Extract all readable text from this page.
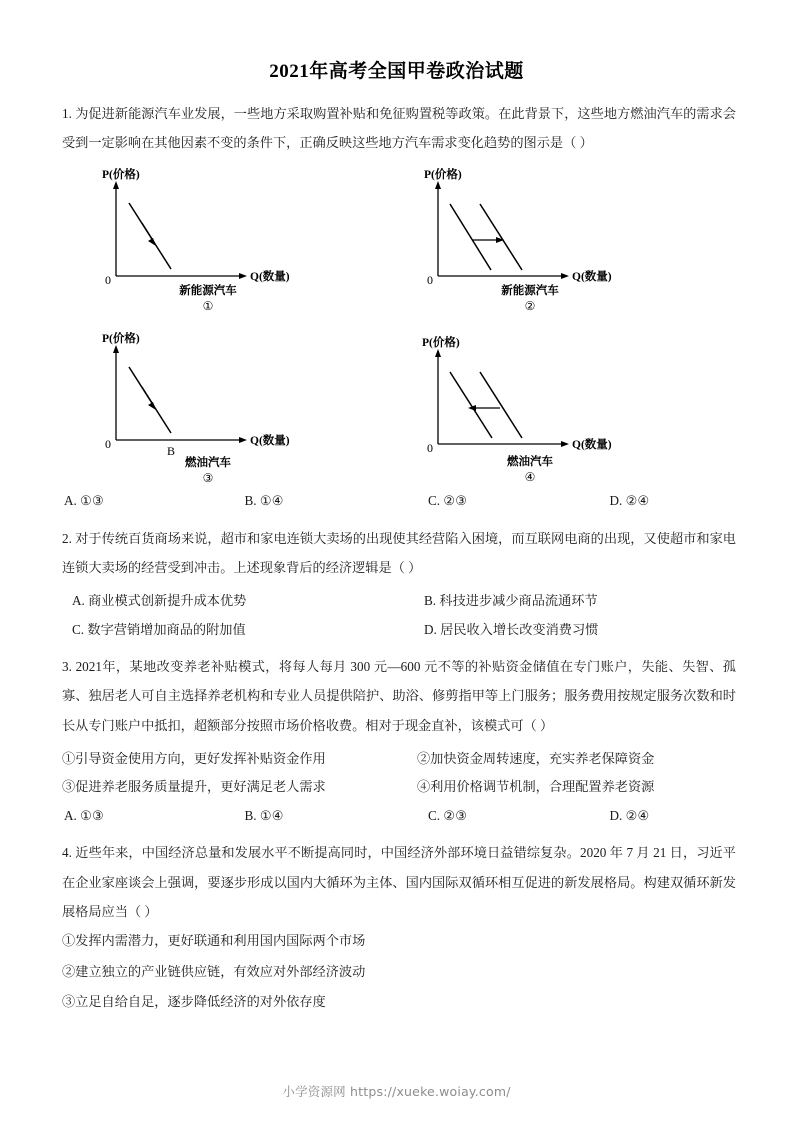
2021年高考全国甲卷政治试题

1. 为促进新能源汽车业发展，一些地方采取购置补贴和免征购置税等政策。在此背景下，这些地方燃油汽车的需求会受到一定影响在其他因素不变的条件下，正确反映这些地方汽车需求变化趋势的图示是（ ）

P(价格)
Q(数量)
0
新能源汽车
①
P(价格)
Q(数量)
0
新能源汽车
②
P(价格)
Q(数量)
0	B
燃油汽车
③
P(价格)
Q(数量)
0
燃油汽车
④
A. ①③	B. ①④	C. ②③	D. ②④

2. 对于传统百货商场来说，超市和家电连锁大卖场的出现使其经营陷入困境，而互联网电商的出现，又使超市和家电连锁大卖场的经营受到冲击。上述现象背后的经济逻辑是（ ）

A. 商业模式创新提升成本优势	B. 科技进步减少商品流通环节
C. 数字营销增加商品的附加值	D. 居民收入增长改变消费习惯

3. 2021年，某地改变养老补贴模式，将每人每月 300 元—600 元不等的补贴资金储值在专门账户，失能、失智、孤寡、独居老人可自主选择养老机构和专业人员提供陪护、助浴、修剪指甲等上门服务；服务费用按规定服务次数和时长从专门账户中抵扣，超额部分按照市场价格收费。相对于现金直补，该模式可（ ）

①引导资金使用方向，更好发挥补贴资金作用	②加快资金周转速度，充实养老保障资金
③促进养老服务质量提升，更好满足老人需求	④利用价格调节机制，合理配置养老资源
A. ①③	B. ①④	C. ②③	D. ②④

4. 近些年来，中国经济总量和发展水平不断提高同时，中国经济外部环境日益错综复杂。2020 年 7 月 21 日，习近平在企业家座谈会上强调，要逐步形成以国内大循环为主体、国内国际双循环相互促进的新发展格局。构建双循环新发展格局应当（ ）

①发挥内需潜力，更好联通和利用国内国际两个市场

②建立独立的产业链供应链，有效应对外部经济波动

③立足自给自足，逐步降低经济的对外依存度

小学资源网 https://xueke.woiay.com/
